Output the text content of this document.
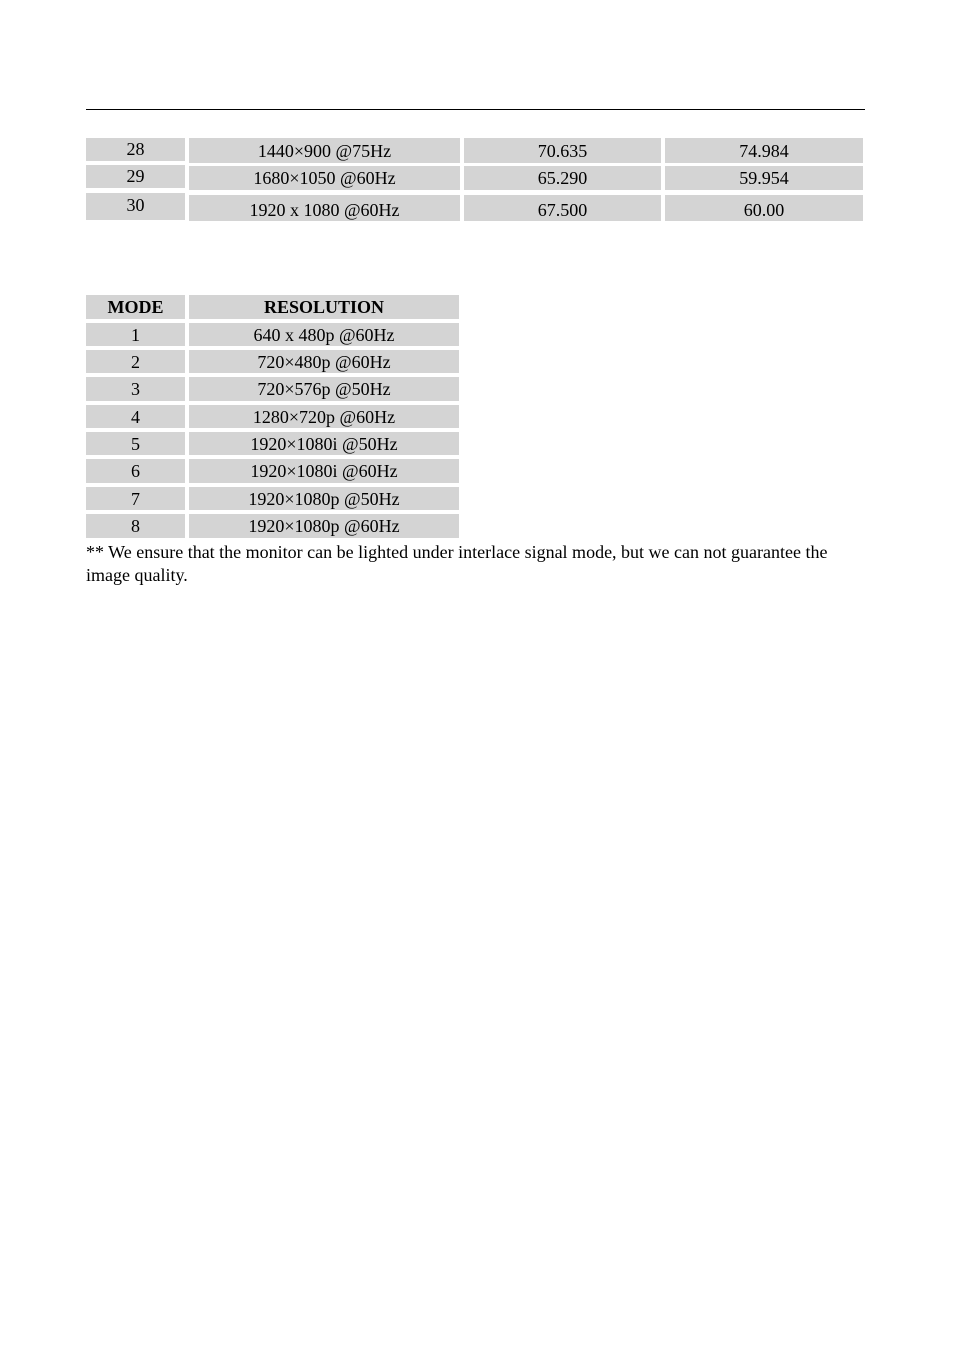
28	1440×900 @75Hz	70.635	74.984
29	1680×1050 @60Hz	65.290	59.954
30	1920 x 1080 @60Hz	67.500	60.00
MODE	RESOLUTION
1	640 x 480p @60Hz
2	720×480p @60Hz
3	720×576p @50Hz
4	1280×720p @60Hz
5	1920×1080i @50Hz
6	1920×1080i @60Hz
7	1920×1080p @50Hz
8	1920×1080p @60Hz
** We ensure that the monitor can be lighted under interlace signal mode, but we can not guarantee the image quality.
